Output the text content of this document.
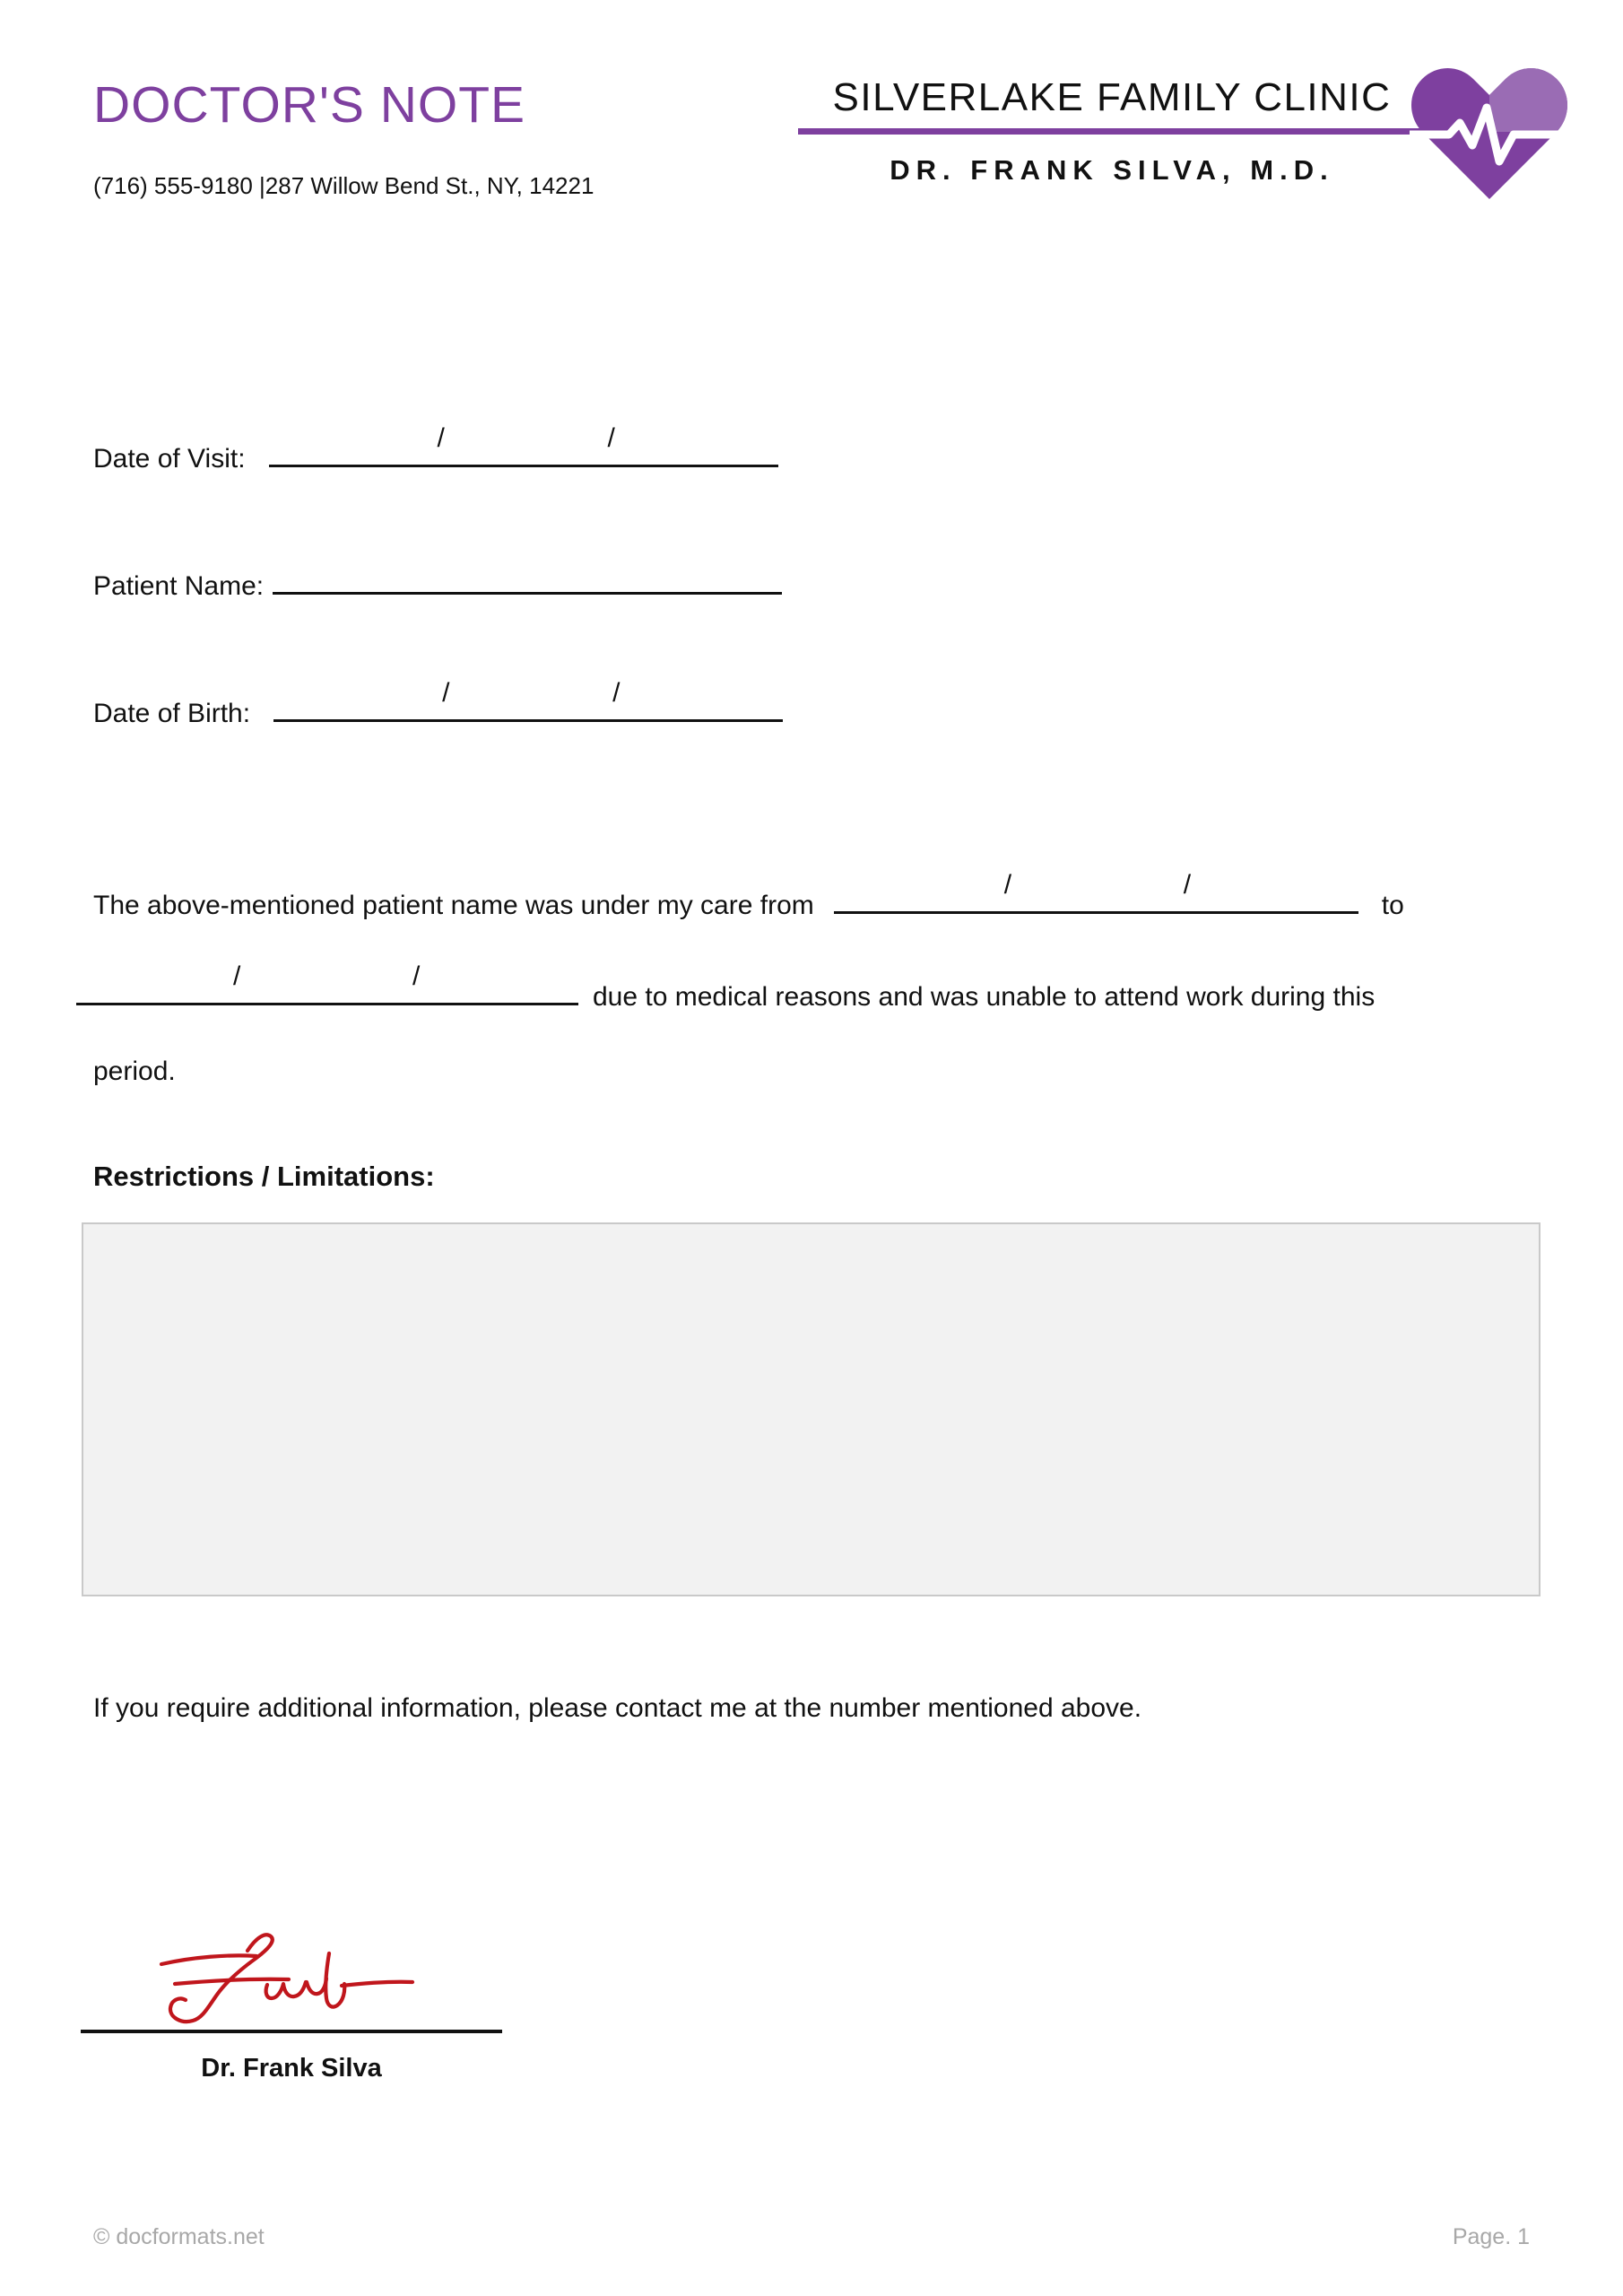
DOCTOR'S NOTE
(716) 555-9180 |287 Willow Bend St., NY, 14221
SILVERLAKE FAMILY CLINIC
DR. FRANK SILVA, M.D.
Date of Visit:
/	/
Patient Name:
Date of Birth:
/	/
The above-mentioned patient name was under my care from
/	/
to
/	/
due to medical reasons and was unable to attend work during this
period.
Restrictions / Limitations:
If you require additional information, please contact me at the number mentioned above.
Dr. Frank Silva
© docformats.net	Page. 1
